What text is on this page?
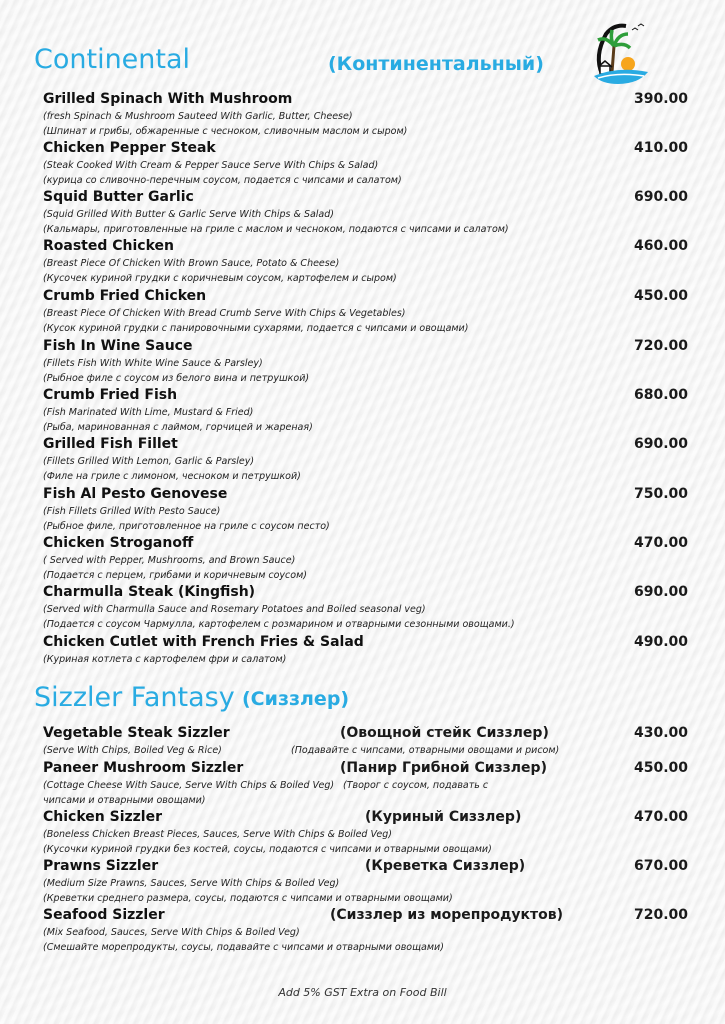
Continental	(Континентальный)
Grilled Spinach With Mushroom	390.00
(fresh Spinach & Mushroom Sauteed With Garlic, Butter, Cheese)
(Шпинат и грибы, обжаренные с чесноком, сливочным маслом и сыром)
Chicken Pepper Steak	410.00
(Steak Cooked With Cream & Pepper Sauce Serve With Chips & Salad)
(курица со сливочно-перечным соусом, подается с чипсами и салатом)
Squid Butter Garlic	690.00
(Squid Grilled With Butter & Garlic Serve With Chips & Salad)
(Кальмары, приготовленные на гриле с маслом и чесноком, подаются с чипсами и салатом)
Roasted Chicken	460.00
(Breast Piece Of Chicken With Brown Sauce, Potato & Cheese)
(Кусочек куриной грудки с коричневым соусом, картофелем и сыром)
Crumb Fried Chicken	450.00
(Breast Piece Of Chicken With Bread Crumb Serve With Chips & Vegetables)
(Кусок куриной грудки с панировочными сухарями, подается с чипсами и овощами)
Fish In Wine Sauce	720.00
(Fillets Fish With White Wine Sauce & Parsley)
(Рыбное филе с соусом из белого вина и петрушкой)
Crumb Fried Fish	680.00
(Fish Marinated With Lime, Mustard & Fried)
(Рыба, маринованная с лаймом, горчицей и жареная)
Grilled Fish Fillet	690.00
(Fillets Grilled With Lemon, Garlic & Parsley)
(Филе на гриле с лимоном, чесноком и петрушкой)
Fish Al Pesto Genovese	750.00
(Fish Fillets Grilled With Pesto Sauce)
(Рыбное филе, приготовленное на гриле с соусом песто)
Chicken Stroganoff	470.00
( Served with Pepper, Mushrooms, and Brown Sauce)
(Подается с перцем, грибами и коричневым соусом)
Charmulla Steak (Kingfish)	690.00
(Served with Charmulla Sauce and Rosemary Potatoes and Boiled seasonal veg)
(Подается с соусом Чармулла, картофелем с розмарином и отварными сезонными овощами.)
Chicken Cutlet with French Fries & Salad	490.00
(Куриная котлета с картофелем фри и салатом)
Sizzler Fantasy (Сиззлер)
Vegetable Steak Sizzler	(Овощной стейк Сиззлер)	430.00
(Serve With Chips, Boiled Veg & Rice)	(Подавайте с чипсами, отварными овощами и рисом)
Paneer Mushroom Sizzler	(Панир Грибной Сиззлер)	450.00
(Cottage Cheese With Sauce, Serve With Chips & Boiled Veg) (Творог с соусом, подавать с
чипсами и отварными овощами)
Chicken Sizzler	(Куриный Сиззлер)	470.00
(Boneless Chicken Breast Pieces, Sauces, Serve With Chips & Boiled Veg)
(Кусочки куриной грудки без костей, соусы, подаются с чипсами и отварными овощами)
Prawns Sizzler	(Креветка Сиззлер)	670.00
(Medium Size Prawns, Sauces, Serve With Chips & Boiled Veg)
(Креветки среднего размера, соусы, подаются с чипсами и отварными овощами)
Seafood Sizzler	(Сиззлер из морепродуктов)	720.00
(Mix Seafood, Sauces, Serve With Chips & Boiled Veg)
(Смешайте морепродукты, соусы, подавайте с чипсами и отварными овощами)
Add 5% GST Extra on Food Bill
